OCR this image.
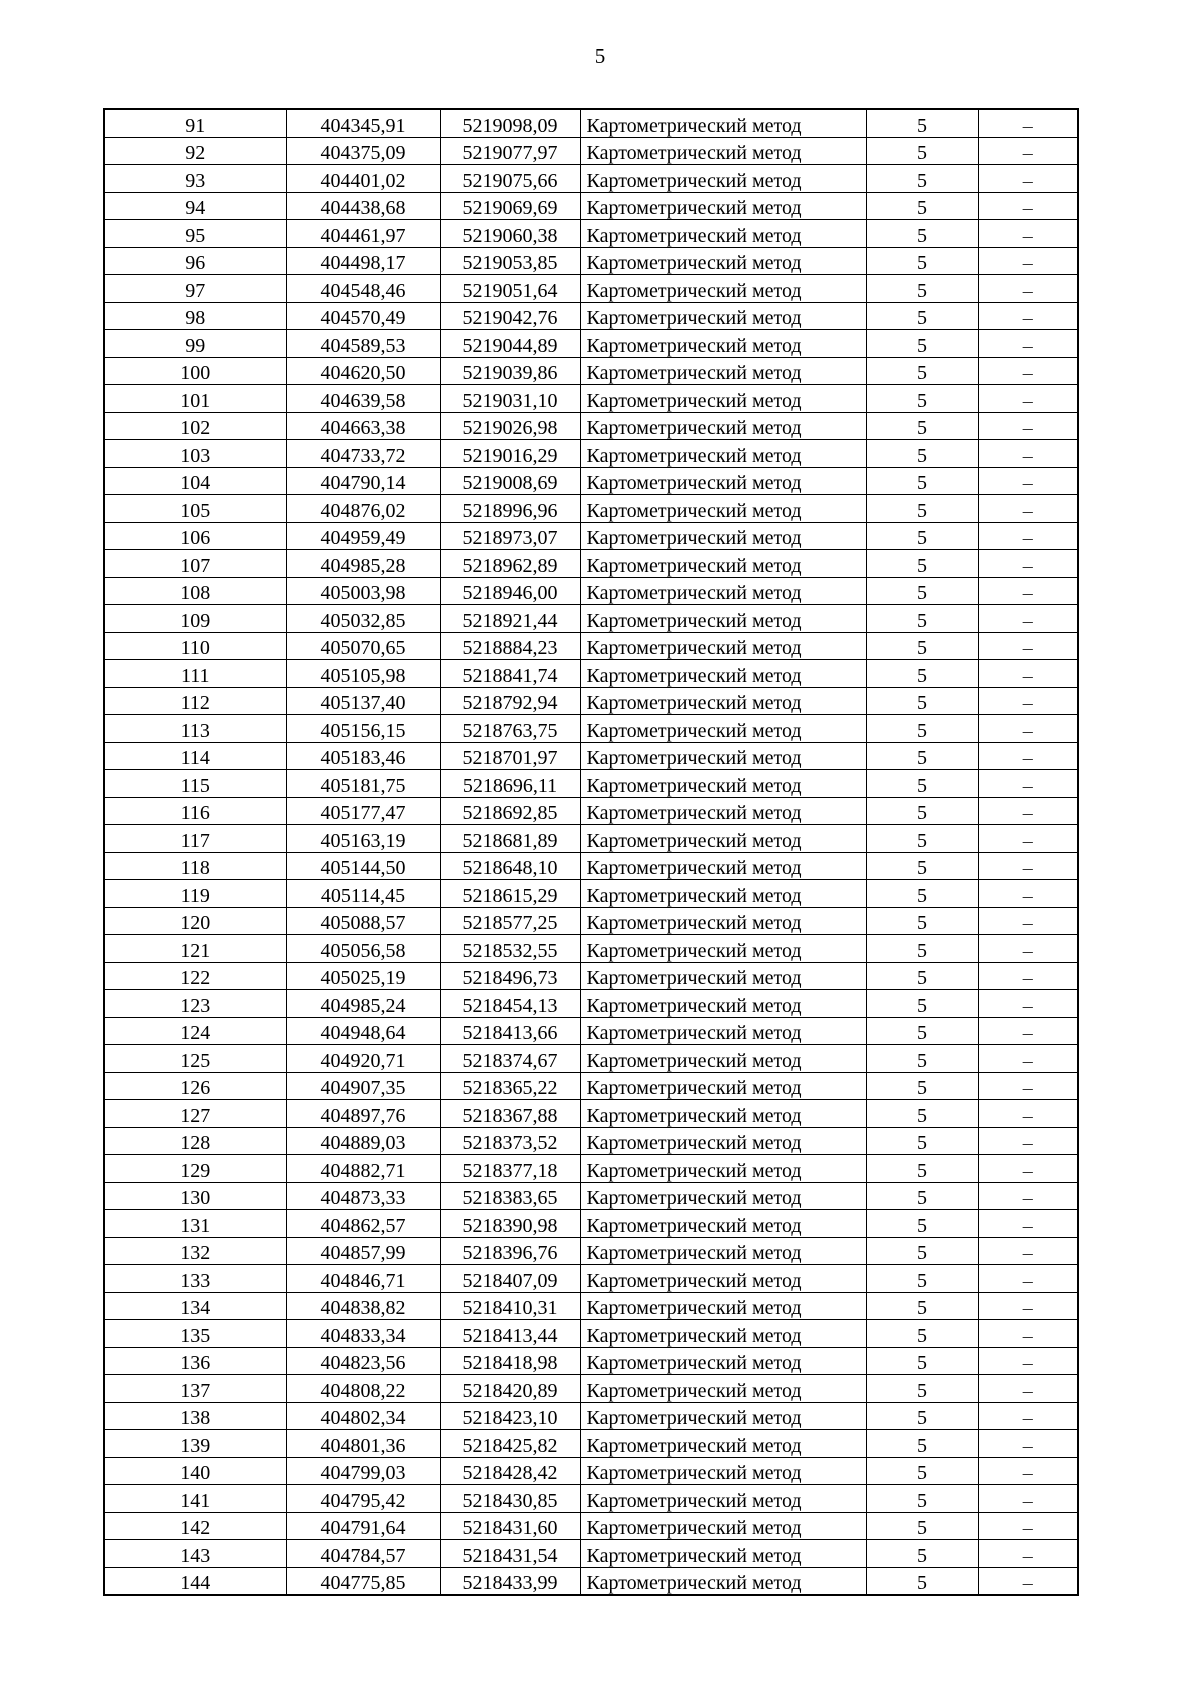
5
91	404345,91	5219098,09	Картометрический метод	5	–
92	404375,09	5219077,97	Картометрический метод	5	–
93	404401,02	5219075,66	Картометрический метод	5	–
94	404438,68	5219069,69	Картометрический метод	5	–
95	404461,97	5219060,38	Картометрический метод	5	–
96	404498,17	5219053,85	Картометрический метод	5	–
97	404548,46	5219051,64	Картометрический метод	5	–
98	404570,49	5219042,76	Картометрический метод	5	–
99	404589,53	5219044,89	Картометрический метод	5	–
100	404620,50	5219039,86	Картометрический метод	5	–
101	404639,58	5219031,10	Картометрический метод	5	–
102	404663,38	5219026,98	Картометрический метод	5	–
103	404733,72	5219016,29	Картометрический метод	5	–
104	404790,14	5219008,69	Картометрический метод	5	–
105	404876,02	5218996,96	Картометрический метод	5	–
106	404959,49	5218973,07	Картометрический метод	5	–
107	404985,28	5218962,89	Картометрический метод	5	–
108	405003,98	5218946,00	Картометрический метод	5	–
109	405032,85	5218921,44	Картометрический метод	5	–
110	405070,65	5218884,23	Картометрический метод	5	–
111	405105,98	5218841,74	Картометрический метод	5	–
112	405137,40	5218792,94	Картометрический метод	5	–
113	405156,15	5218763,75	Картометрический метод	5	–
114	405183,46	5218701,97	Картометрический метод	5	–
115	405181,75	5218696,11	Картометрический метод	5	–
116	405177,47	5218692,85	Картометрический метод	5	–
117	405163,19	5218681,89	Картометрический метод	5	–
118	405144,50	5218648,10	Картометрический метод	5	–
119	405114,45	5218615,29	Картометрический метод	5	–
120	405088,57	5218577,25	Картометрический метод	5	–
121	405056,58	5218532,55	Картометрический метод	5	–
122	405025,19	5218496,73	Картометрический метод	5	–
123	404985,24	5218454,13	Картометрический метод	5	–
124	404948,64	5218413,66	Картометрический метод	5	–
125	404920,71	5218374,67	Картометрический метод	5	–
126	404907,35	5218365,22	Картометрический метод	5	–
127	404897,76	5218367,88	Картометрический метод	5	–
128	404889,03	5218373,52	Картометрический метод	5	–
129	404882,71	5218377,18	Картометрический метод	5	–
130	404873,33	5218383,65	Картометрический метод	5	–
131	404862,57	5218390,98	Картометрический метод	5	–
132	404857,99	5218396,76	Картометрический метод	5	–
133	404846,71	5218407,09	Картометрический метод	5	–
134	404838,82	5218410,31	Картометрический метод	5	–
135	404833,34	5218413,44	Картометрический метод	5	–
136	404823,56	5218418,98	Картометрический метод	5	–
137	404808,22	5218420,89	Картометрический метод	5	–
138	404802,34	5218423,10	Картометрический метод	5	–
139	404801,36	5218425,82	Картометрический метод	5	–
140	404799,03	5218428,42	Картометрический метод	5	–
141	404795,42	5218430,85	Картометрический метод	5	–
142	404791,64	5218431,60	Картометрический метод	5	–
143	404784,57	5218431,54	Картометрический метод	5	–
144	404775,85	5218433,99	Картометрический метод	5	–
